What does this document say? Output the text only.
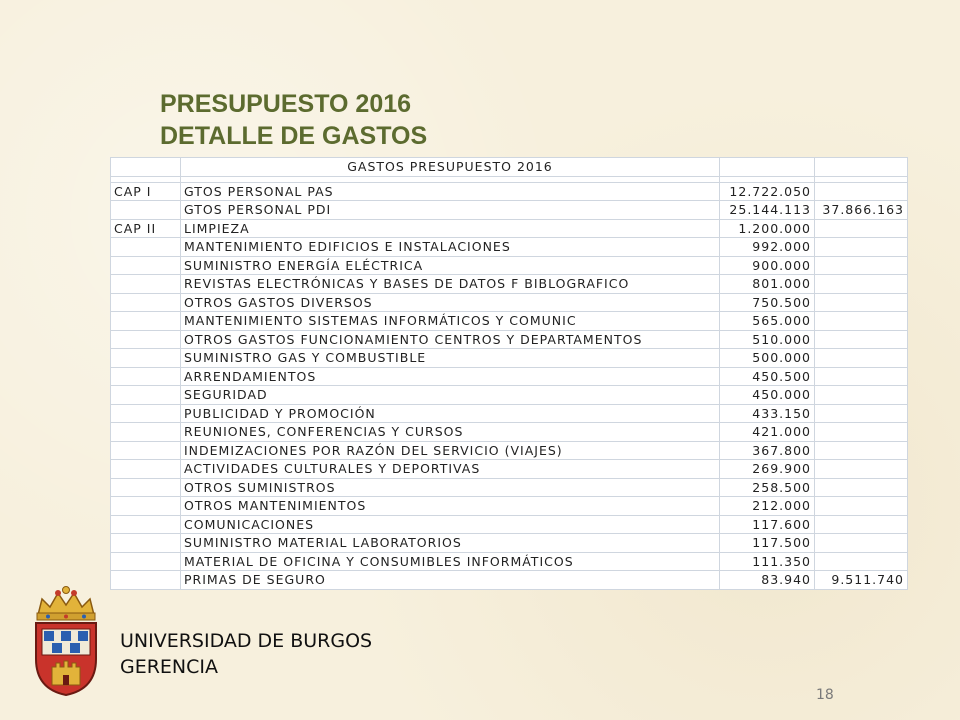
PRESUPUESTO 2016
DETALLE DE GASTOS
	GASTOS PRESUPUESTO 2016		

CAP I	GTOS PERSONAL PAS	12.722.050	
	GTOS PERSONAL PDI	25.144.113	37.866.163
CAP II	LIMPIEZA	1.200.000	
	MANTENIMIENTO EDIFICIOS E INSTALACIONES	992.000	
	SUMINISTRO ENERGÍA ELÉCTRICA	900.000	
	REVISTAS ELECTRÓNICAS Y BASES DE DATOS F BIBLOGRAFICO	801.000	
	OTROS GASTOS DIVERSOS	750.500	
	MANTENIMIENTO SISTEMAS INFORMÁTICOS Y COMUNIC	565.000	
	OTROS GASTOS FUNCIONAMIENTO CENTROS Y DEPARTAMENTOS	510.000	
	SUMINISTRO GAS Y COMBUSTIBLE	500.000	
	ARRENDAMIENTOS	450.500	
	SEGURIDAD	450.000	
	PUBLICIDAD Y PROMOCIÓN	433.150	
	REUNIONES, CONFERENCIAS Y CURSOS	421.000	
	INDEMIZACIONES POR RAZÓN DEL SERVICIO (VIAJES)	367.800	
	ACTIVIDADES CULTURALES Y DEPORTIVAS	269.900	
	OTROS SUMINISTROS	258.500	
	OTROS MANTENIMIENTOS	212.000	
	COMUNICACIONES	117.600	
	SUMINISTRO MATERIAL LABORATORIOS	117.500	
	MATERIAL DE OFICINA Y CONSUMIBLES INFORMÁTICOS	111.350	
	PRIMAS DE SEGURO	83.940	9.511.740
UNIVERSIDAD DE BURGOS
GERENCIA
18
